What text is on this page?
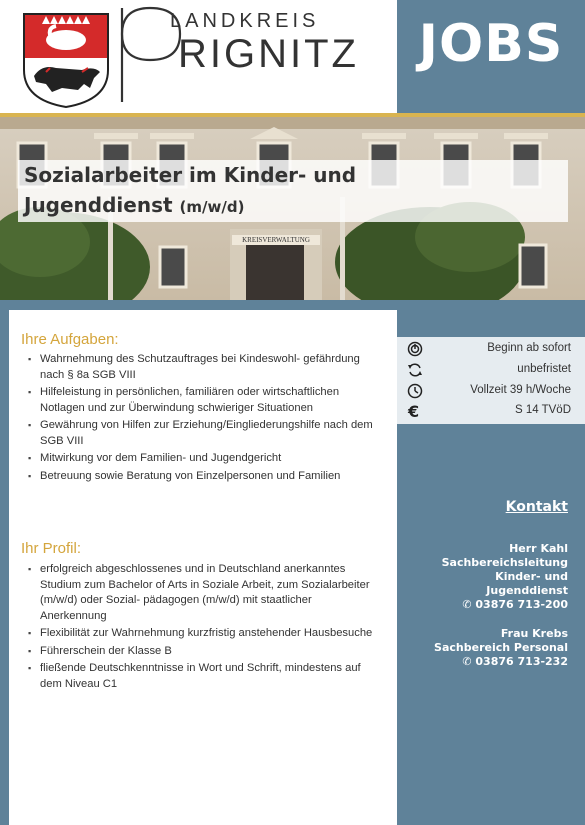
JOBS
LANDKREIS
RIGNITZ
KREISVERWALTUNG
Sozialarbeiter im Kinder- und
Jugenddienst (m/w/d)
Ihre Aufgaben:
▪ Wahrnehmung des Schutzauftrages bei Kindeswohl- gefährdung nach § 8a SGB VIII
▪ Hilfeleistung in persönlichen, familiären oder wirtschaftlichen Notlagen und zur Überwindung schwieriger Situationen
▪ Gewährung von Hilfen zur Erziehung/Eingliederungshilfe nach dem SGB VIII
▪ Mitwirkung vor dem Familien- und Jugendgericht
▪ Betreuung sowie Beratung von Einzelpersonen und Familien
Ihr Profil:
▪ erfolgreich abgeschlossenes und in Deutschland anerkanntes Studium zum Bachelor of Arts in Soziale Arbeit, zum Sozialarbeiter (m/w/d) oder Sozial- pädagogen (m/w/d) mit staatlicher Anerkennung
▪ Flexibilität zur Wahrnehmung kurzfristig anstehender Hausbesuche
▪ Führerschein der Klasse B
▪ fließende Deutschkenntnisse in Wort und Schrift, mindestens auf dem Niveau C1
Beginn ab sofort
unbefristet
Vollzeit 39 h/Woche
€	S 14 TVöD
Kontakt
Herr Kahl
Sachbereichsleitung
Kinder- und
Jugenddienst
✆ 03876 713-200
Frau Krebs
Sachbereich Personal
✆ 03876 713-232
